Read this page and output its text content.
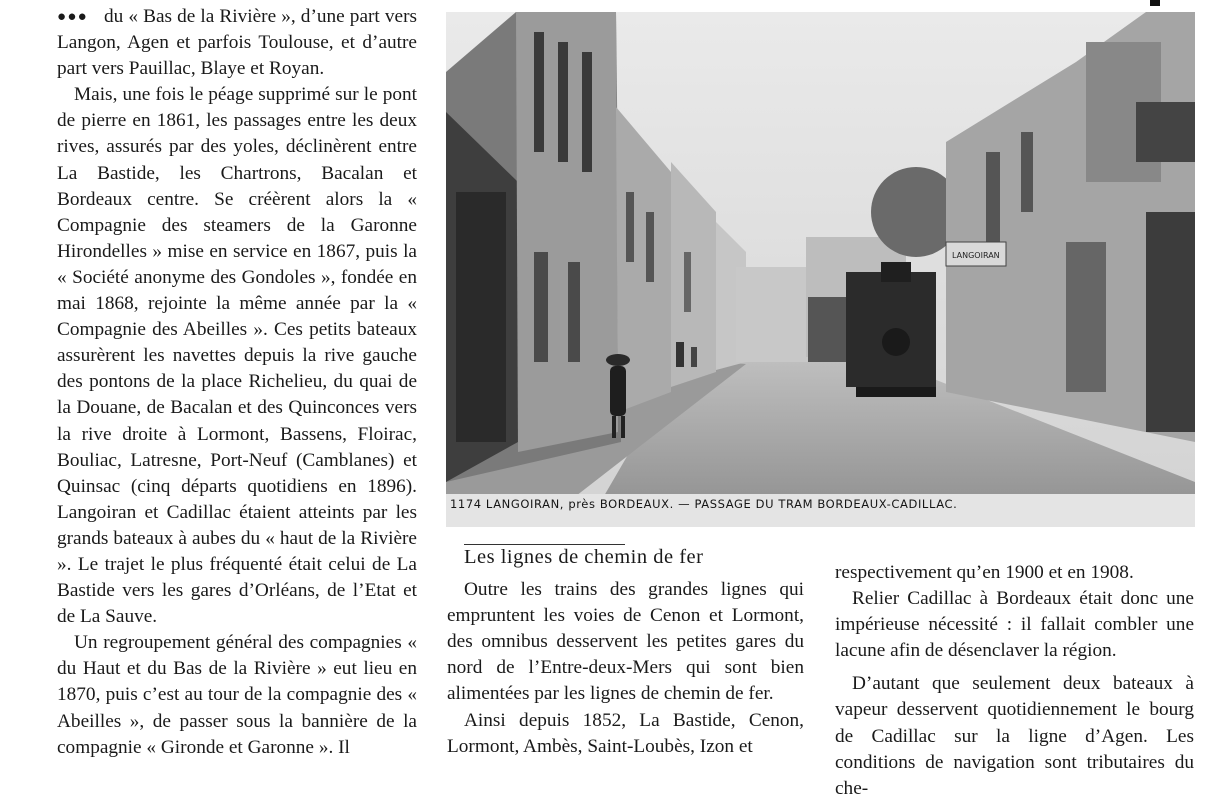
●●● du « Bas de la Rivière », d’une part vers Langon, Agen et parfois Toulouse, et d’autre part vers Pauillac, Blaye et Royan.

Mais, une fois le péage supprimé sur le pont de pierre en 1861, les passages entre les deux rives, assurés par des yoles, déclinèrent entre La Bastide, les Chartrons, Bacalan et Bordeaux centre. Se créèrent alors la « Compagnie des steamers de la Garonne Hirondelles » mise en service en 1867, puis la « Société anonyme des Gondoles », fondée en mai 1868, rejointe la même année par la « Compagnie des Abeilles ». Ces petits bateaux assurèrent les navettes depuis la rive gauche des pontons de la place Richelieu, du quai de la Douane, de Bacalan et des Quinconces vers la rive droite à Lormont, Bassens, Floirac, Bouliac, Latresne, Port-Neuf (Camblanes) et Quinsac (cinq départs quotidiens en 1896). Langoiran et Cadillac étaient atteints par les grands bateaux à aubes du « haut de la Rivière ». Le trajet le plus fréquenté était celui de La Bastide vers les gares d’Orléans, de l’Etat et de La Sauve.

Un regroupement général des compagnies « du Haut et du Bas de la Rivière » eut lieu en 1870, puis c’est au tour de la compagnie des « Abeilles », de passer sous la bannière de la compagnie « Gironde et Garonne ». Il

LANGOIRAN
1174 LANGOIRAN, près BORDEAUX. — PASSAGE DU TRAM BORDEAUX-CADILLAC.

Les lignes de chemin de fer

Outre les trains des grandes lignes qui empruntent les voies de Cenon et Lormont, des omnibus desservent les petites gares du nord de l’Entre-deux-Mers qui sont bien alimentées par les lignes de chemin de fer.

Ainsi depuis 1852, La Bastide, Cenon, Lormont, Ambès, Saint-Loubès, Izon et

respectivement qu’en 1900 et en 1908.

Relier Cadillac à Bordeaux était donc une impérieuse nécessité : il fallait combler une lacune afin de désenclaver la région.

D’autant que seulement deux bateaux à vapeur desservent quotidiennement le bourg de Cadillac sur la ligne d’Agen. Les conditions de navigation sont tributaires du che-
